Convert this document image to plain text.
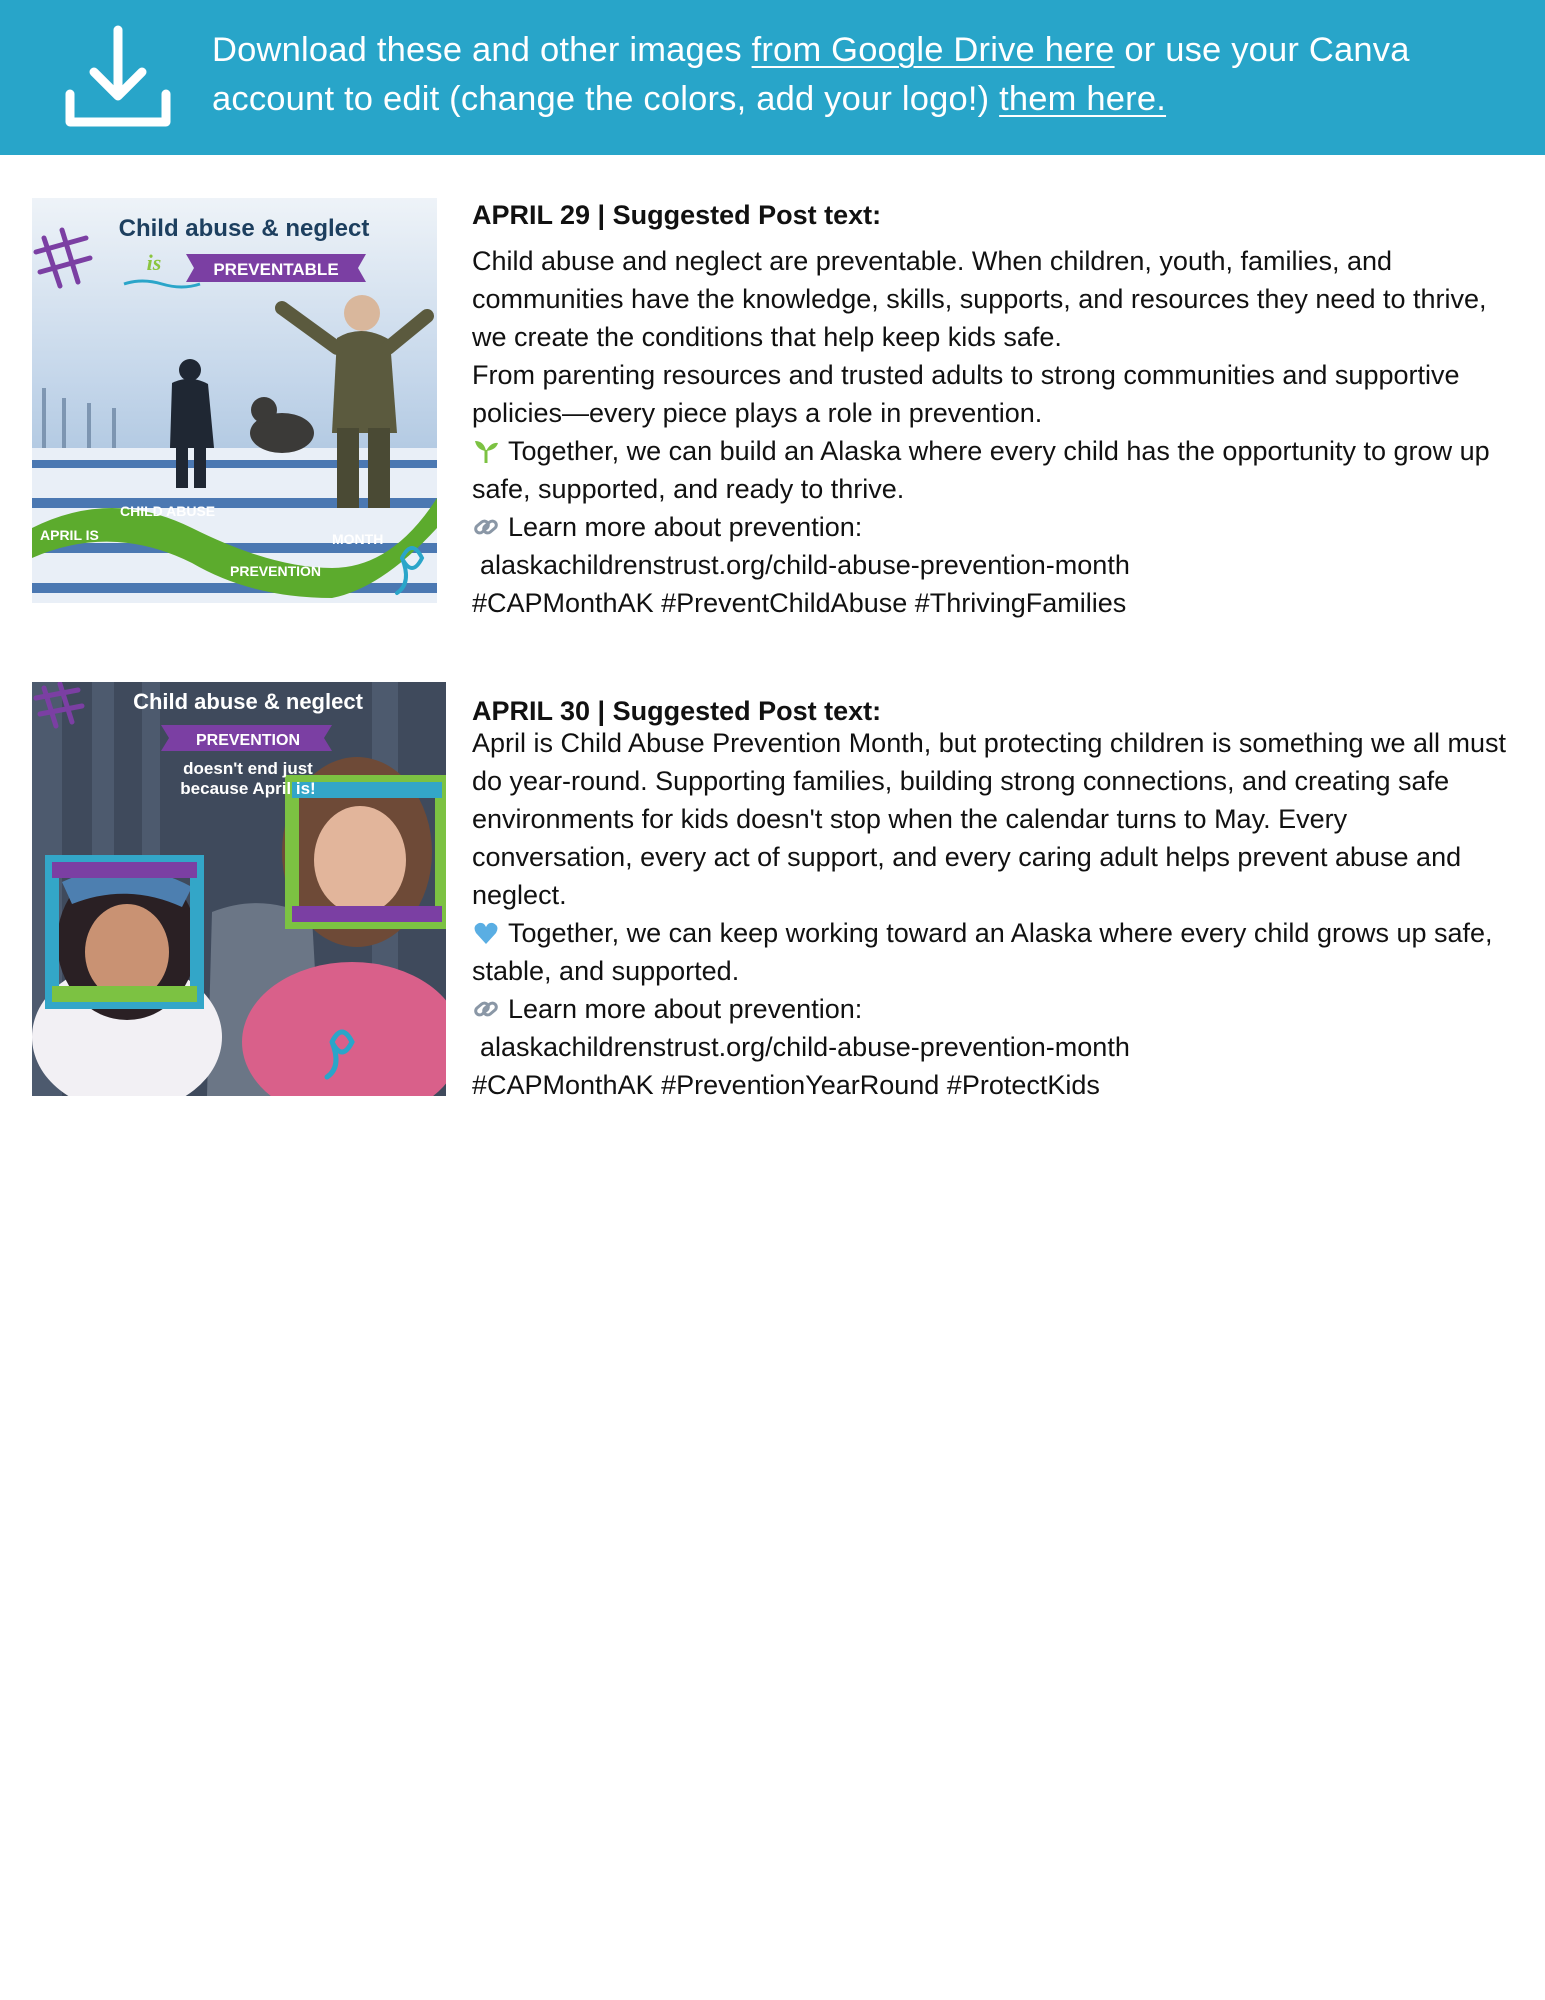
Download these and other images from Google Drive here or use your Canva account to edit (change the colors, add your logo!) them here.
Child abuse & neglect
is	PREVENTABLE
APRIL IS CHILD ABUSE PREVENTION MONTH
APRIL 29 | Suggested Post text:
Child abuse and neglect are preventable. When children, youth, families, and communities have the knowledge, skills, supports, and resources they need to thrive, we create the conditions that help keep kids safe.
From parenting resources and trusted adults to strong communities and supportive policies—every piece plays a role in prevention.
Together, we can build an Alaska where every child has the opportunity to grow up safe, supported, and ready to thrive.
Learn more about prevention:
alaskachildrenstrust.org/child-abuse-prevention-month
#CAPMonthAK #PreventChildAbuse #ThrivingFamilies
Child abuse & neglect
PREVENTION
doesn't end just
because April is!
APRIL 30 | Suggested Post text:
April is Child Abuse Prevention Month, but protecting children is something we all must do year-round. Supporting families, building strong connections, and creating safe environments for kids doesn't stop when the calendar turns to May. Every conversation, every act of support, and every caring adult helps prevent abuse and neglect.
Together, we can keep working toward an Alaska where every child grows up safe, stable, and supported.
Learn more about prevention:
alaskachildrenstrust.org/child-abuse-prevention-month
#CAPMonthAK #PreventionYearRound #ProtectKids
